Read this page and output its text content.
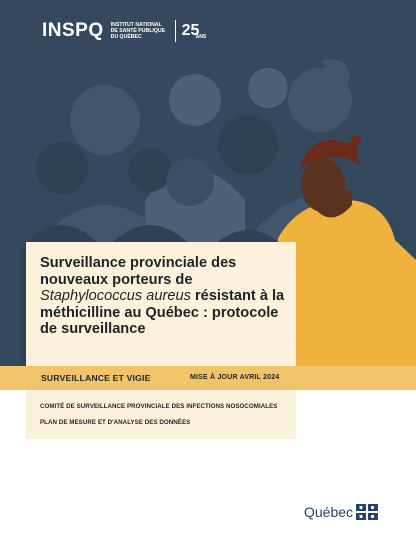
INSPQ INSTITUT NATIONAL
DE SANTÉ PUBLIQUE
DU QUÉBEC	25
ANS
Surveillance provinciale des nouveaux porteurs de Staphylococcus aureus résistant à la méthicilline au Québec : protocole de surveillance
SURVEILLANCE ET VIGIE	MISE À JOUR AVRIL 2024
COMITÉ DE SURVEILLANCE PROVINCIALE DES INFECTIONS NOSOCOMIALES
PLAN DE MESURE ET D'ANALYSE DES DONNÉES
Québec
